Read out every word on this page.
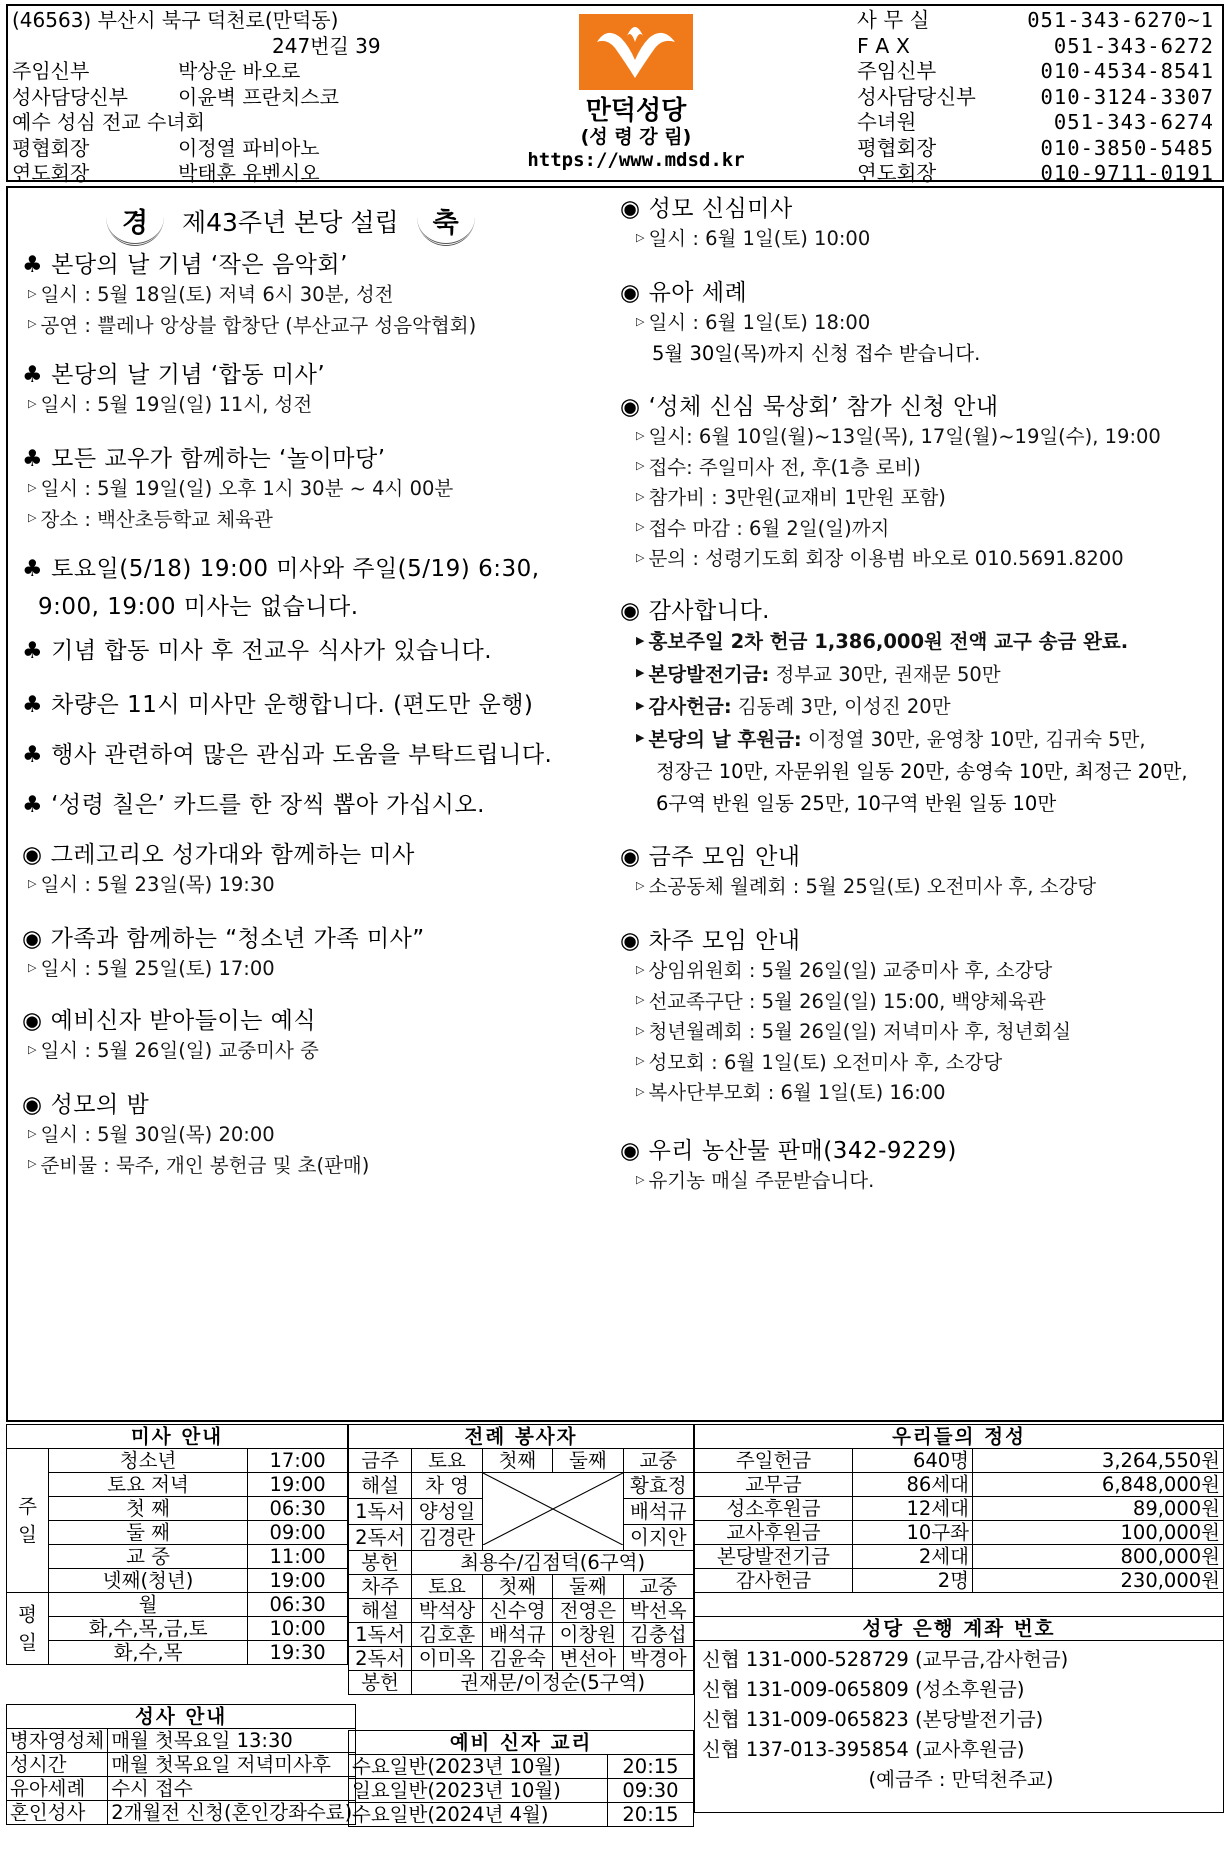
(46563) 부산시 북구 덕천로(만덕동)
247번길 39
주임신부	박상운 바오로
성사담당신부	이윤벽 프란치스코
예수 성심 전교 수녀회
평협회장	이정열 파비아노
연도회장	박태훈 유벤시오
만덕성당
(성 령 강 림)
https://www.mdsd.kr
사 무 실	051-343-6270~1
F A X	051-343-6272
주임신부	010-4534-8541
성사담당신부	010-3124-3307
수녀원	051-343-6274
평협회장	010-3850-5485
연도회장	010-9711-0191
경 제43주년 본당 설립 축
♣ 본당의 날 기념 ‘작은 음악회’
▷ 일시 : 5월 18일(토) 저녁 6시 30분, 성전
▷ 공연 : 쁠레나 앙상블 합창단 (부산교구 성음악협회)
♣ 본당의 날 기념 ‘합동 미사’
▷ 일시 : 5월 19일(일) 11시, 성전
♣ 모든 교우가 함께하는 ‘놀이마당’
▷ 일시 : 5월 19일(일) 오후 1시 30분 ~ 4시 00분
▷ 장소 : 백산초등학교 체육관
♣ 토요일(5/18) 19:00 미사와 주일(5/19) 6:30,
9:00, 19:00 미사는 없습니다.
♣ 기념 합동 미사 후 전교우 식사가 있습니다.
♣ 차량은 11시 미사만 운행합니다. (편도만 운행)
♣ 행사 관련하여 많은 관심과 도움을 부탁드립니다.
♣ ‘성령 칠은’ 카드를 한 장씩 뽑아 가십시오.
◉ 그레고리오 성가대와 함께하는 미사
▷ 일시 : 5월 23일(목) 19:30
◉ 가족과 함께하는 “청소년 가족 미사”
▷ 일시 : 5월 25일(토) 17:00
◉ 예비신자 받아들이는 예식
▷ 일시 : 5월 26일(일) 교중미사 중
◉ 성모의 밤
▷ 일시 : 5월 30일(목) 20:00
▷ 준비물 : 묵주, 개인 봉헌금 및 초(판매)
◉ 성모 신심미사
▷ 일시 : 6월 1일(토) 10:00
◉ 유아 세례
▷ 일시 : 6월 1일(토) 18:00
5월 30일(목)까지 신청 접수 받습니다.
◉ ‘성체 신심 묵상회’ 참가 신청 안내
▷ 일시: 6월 10일(월)~13일(목), 17일(월)~19일(수), 19:00
▷ 접수: 주일미사 전, 후(1층 로비)
▷ 참가비 : 3만원(교재비 1만원 포함)
▷ 접수 마감 : 6월 2일(일)까지
▷ 문의 : 성령기도회 회장 이용범 바오로 010.5691.8200
◉ 감사합니다.
▶ 홍보주일 2차 헌금 1,386,000원 전액 교구 송금 완료.
▶ 본당발전기금: 정부교 30만, 권재문 50만
▶ 감사헌금: 김동례 3만, 이성진 20만
▶ 본당의 날 후원금: 이정열 30만, 윤영창 10만, 김귀숙 5만,
정장근 10만, 자문위원 일동 20만, 송영숙 10만, 최정근 20만,
6구역 반원 일동 25만, 10구역 반원 일동 10만
◉ 금주 모임 안내
▷ 소공동체 월례회 : 5월 25일(토) 오전미사 후, 소강당
◉ 차주 모임 안내
▷ 상임위원회 : 5월 26일(일) 교중미사 후, 소강당
▷ 선교족구단 : 5월 26일(일) 15:00, 백양체육관
▷ 청년월례회 : 5월 26일(일) 저녁미사 후, 청년회실
▷ 성모회 : 6월 1일(토) 오전미사 후, 소강당
▷ 복사단부모회 : 6월 1일(토) 16:00
◉ 우리 농산물 판매(342-9229)
▷ 유기농 매실 주문받습니다.
미사 안내		
주일	청소년	17:00
	토요 저녁	19:00
	첫 째	06:30
	둘 째	09:00
	교 중	11:00
	넷째(청년)	19:00
평일	월	06:30
	화,수,목,금,토	10:00
	화,수,목	19:30
성사 안내	
병자영성체	매월 첫목요일 13:30
성시간	매월 첫목요일 저녁미사후
유아세례	수시 접수
혼인성사	2개월전 신청(혼인강좌수료)
전례 봉사자				
금주	토요	첫째	둘째	교중
해설	차 영			황효정
1독서	양성일			배석규
2독서	김경란			이지안
봉헌	최용수/김점덕(6구역)			
차주	토요	첫째	둘째	교중
해설	박석상	신수영	전영은	박선옥
1독서	김호훈	배석규	이창원	김충섭
2독서	이미옥	김윤숙	변선아	박경아
봉헌	권재문/이정순(5구역)			
예비 신자 교리	
수요일반(2023년 10월)	20:15
일요일반(2023년 10월)	09:30
수요일반(2024년 4월)	20:15
우리들의 정성		
주일헌금	640명	3,264,550원
교무금	86세대	6,848,000원
성소후원금	12세대	89,000원
교사후원금	10구좌	100,000원
본당발전기금	2세대	800,000원
감사헌금	2명	230,000원

성당 은행 계좌 번호		

신협 131-000-528729 (교무금,감사헌금)
신협 131-009-065809 (성소후원금)
신협 131-009-065823 (본당발전기금)
신협 137-013-395854 (교사후원금)
(예금주 : 만덕천주교)		
